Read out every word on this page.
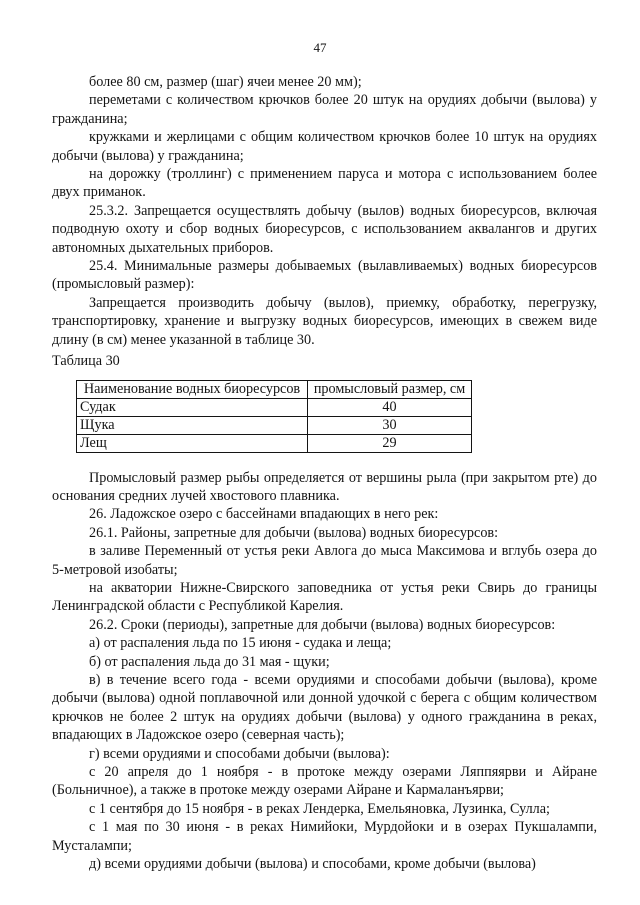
47

более 80 см, размер (шаг) ячеи менее 20 мм);

переметами с количеством крючков более 20 штук на орудиях добычи (вылова) у гражданина;

кружками и жерлицами с общим количеством крючков более 10 штук на орудиях добычи (вылова) у гражданина;

на дорожку (троллинг) с применением паруса и мотора с использованием более двух приманок.

25.3.2. Запрещается осуществлять добычу (вылов) водных биоресурсов, включая подводную охоту и сбор водных биоресурсов, с использованием аквалангов и других автономных дыхательных приборов.

25.4. Минимальные размеры добываемых (вылавливаемых) водных биоресурсов (промысловый размер):

Запрещается производить добычу (вылов), приемку, обработку, перегрузку, транспортировку, хранение и выгрузку водных биоресурсов, имеющих в свежем виде длину (в см) менее указанной в таблице 30.

Таблица 30

Наименование водных биоресурсов	промысловый размер, см
Судак	40
Щука	30
Лещ	29

Промысловый размер рыбы определяется от вершины рыла (при закрытом рте) до основания средних лучей хвостового плавника.

26. Ладожское озеро с бассейнами впадающих в него рек:

26.1. Районы, запретные для добычи (вылова) водных биоресурсов:

в заливе Переменный от устья реки Авлога до мыса Максимова и вглубь озера до 5-метровой изобаты;

на акватории Нижне-Свирского заповедника от устья реки Свирь до границы Ленинградской области с Республикой Карелия.

26.2. Сроки (периоды), запретные для добычи (вылова) водных биоресурсов:

а) от распаления льда по 15 июня - судака и леща;

б) от распаления льда до 31 мая - щуки;

в) в течение всего года - всеми орудиями и способами добычи (вылова), кроме добычи (вылова) одной поплавочной или донной удочкой с берега с общим количеством крючков не более 2 штук на орудиях добычи (вылова) у одного гражданина в реках, впадающих в Ладожское озеро (северная часть);

г) всеми орудиями и способами добычи (вылова):

с 20 апреля до 1 ноября - в протоке между озерами Ляппяярви и Айране (Больничное), а также в протоке между озерами Айране и Кармаланъярви;

с 1 сентября до 15 ноября - в реках Лендерка, Емельяновка, Лузинка, Сулла;

с 1 мая по 30 июня - в реках Нимийоки, Мурдойоки и в озерах Пукшалампи, Мусталампи;

д) всеми орудиями добычи (вылова) и способами, кроме добычи (вылова)
